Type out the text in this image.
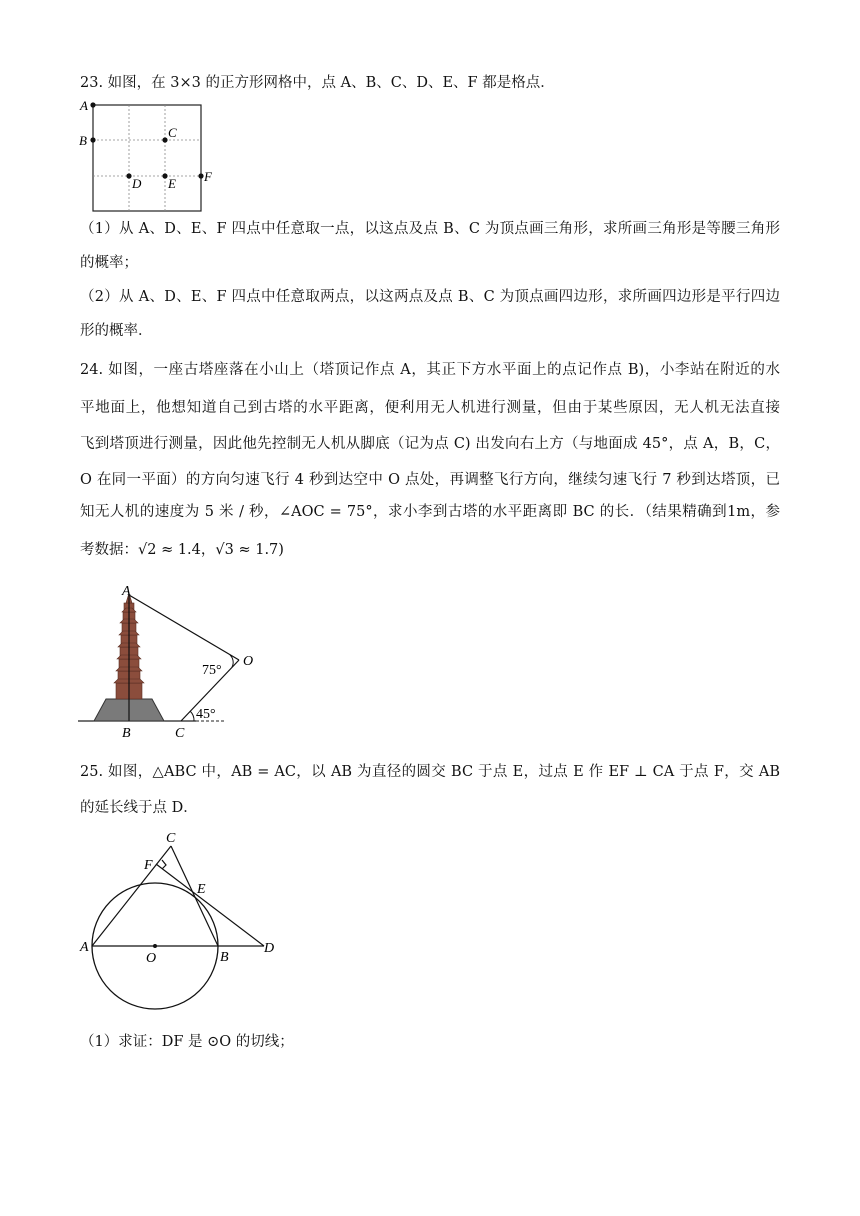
23. 如图，在 3×3 的正方形网格中，点 A、B、C、D、E、F 都是格点．
A
B
C
D E F
（1）从 A、D、E、F 四点中任意取一点，以这点及点 B、C 为顶点画三角形，求所画三角形是等腰三角形
的概率；
（2）从 A、D、E、F 四点中任意取两点，以这两点及点 B、C 为顶点画四边形，求所画四边形是平行四边
形的概率．
24. 如图，一座古塔座落在小山上（塔顶记作点 A，其正下方水平面上的点记作点 B)，小李站在附近的水
平地面上，他想知道自己到古塔的水平距离，便利用无人机进行测量，但由于某些原因，无人机无法直接
飞到塔顶进行测量，因此他先控制无人机从脚底（记为点 C) 出发向右上方（与地面成 45°，点 A，B，C，
O 在同一平面）的方向匀速飞行 4 秒到达空中 O 点处，再调整飞行方向，继续匀速飞行 7 秒到达塔顶，已
知无人机的速度为 5 米 / 秒，∠AOC = 75°，求小李到古塔的水平距离即 BC 的长．（结果精确到1m，参
考数据：√2 ≈ 1.4，√3 ≈ 1.7)
A
B	C
O
75°
45°
25. 如图，△ABC 中，AB = AC，以 AB 为直径的圆交 BC 于点 E，过点 E 作 EF ⊥ CA 于点 F，交 AB
的延长线于点 D．
A
B
C
D
E
F
O
（1）求证：DF 是 ⊙O 的切线；
